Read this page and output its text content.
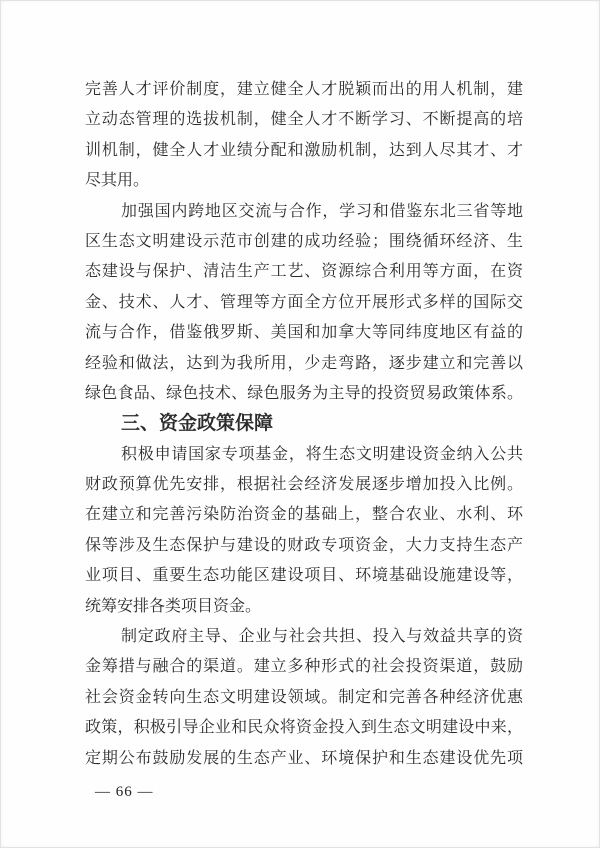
完善人才评价制度，建立健全人才脱颖而出的用人机制，建
立动态管理的选拔机制，健全人才不断学习、不断提高的培
训机制，健全人才业绩分配和激励机制，达到人尽其才、才
尽其用。
加强国内跨地区交流与合作，学习和借鉴东北三省等地
区生态文明建设示范市创建的成功经验；围绕循环经济、生
态建设与保护、清洁生产工艺、资源综合利用等方面，在资
金、技术、人才、管理等方面全方位开展形式多样的国际交
流与合作，借鉴俄罗斯、美国和加拿大等同纬度地区有益的
经验和做法，达到为我所用，少走弯路，逐步建立和完善以
绿色食品、绿色技术、绿色服务为主导的投资贸易政策体系。
三、资金政策保障
积极申请国家专项基金，将生态文明建设资金纳入公共
财政预算优先安排，根据社会经济发展逐步增加投入比例。
在建立和完善污染防治资金的基础上，整合农业、水利、环
保等涉及生态保护与建设的财政专项资金，大力支持生态产
业项目、重要生态功能区建设项目、环境基础设施建设等，
统筹安排各类项目资金。
制定政府主导、企业与社会共担、投入与效益共享的资
金筹措与融合的渠道。建立多种形式的社会投资渠道，鼓励
社会资金转向生态文明建设领域。制定和完善各种经济优惠
政策，积极引导企业和民众将资金投入到生态文明建设中来，
定期公布鼓励发展的生态产业、环境保护和生态建设优先项
— 66 —
